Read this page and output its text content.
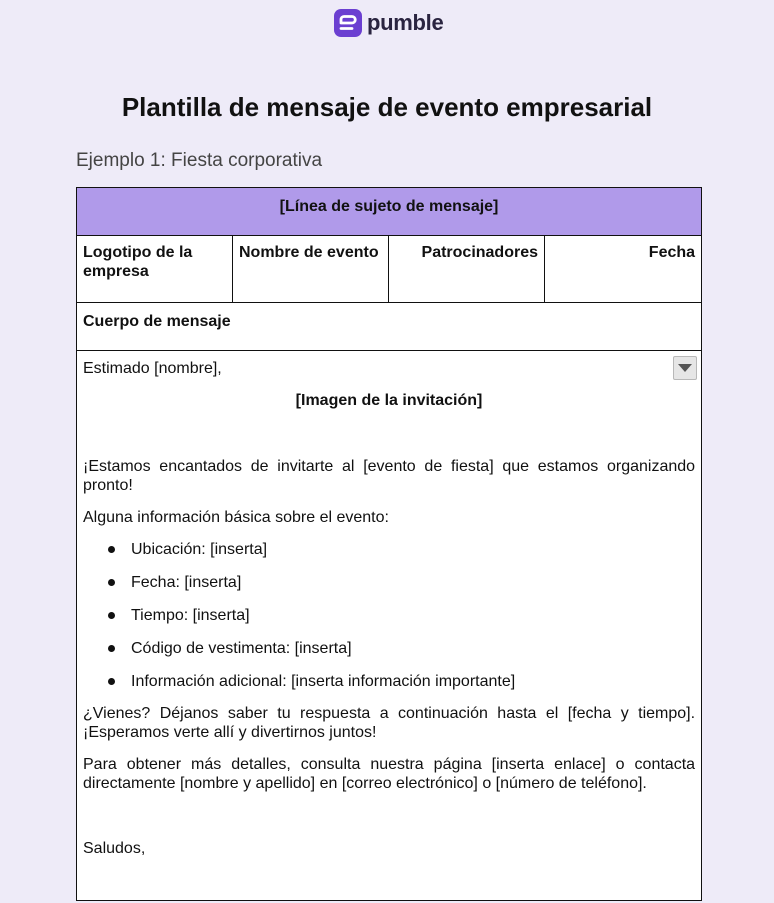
pumble
Plantilla de mensaje de evento empresarial
Ejemplo 1: Fiesta corporativa
[Línea de sujeto de mensaje]
Logotipo de la empresa	Nombre de evento	Patrocinadores	Fecha
Cuerpo de mensaje

Estimado [nombre],

[Imagen de la invitación]

¡Estamos encantados de invitarte al [evento de fiesta] que estamos organizando pronto!

Alguna información básica sobre el evento:

Ubicación: [inserta]
Fecha: [inserta]
Tiempo: [inserta]
Código de vestimenta: [inserta]
Información adicional: [inserta información importante]

¿Vienes? Déjanos saber tu respuesta a continuación hasta el [fecha y tiempo]. ¡Esperamos verte allí y divertirnos juntos!

Para obtener más detalles, consulta nuestra página [inserta enlace] o contacta directamente [nombre y apellido] en [correo electrónico] o [número de teléfono].

Saludos,
